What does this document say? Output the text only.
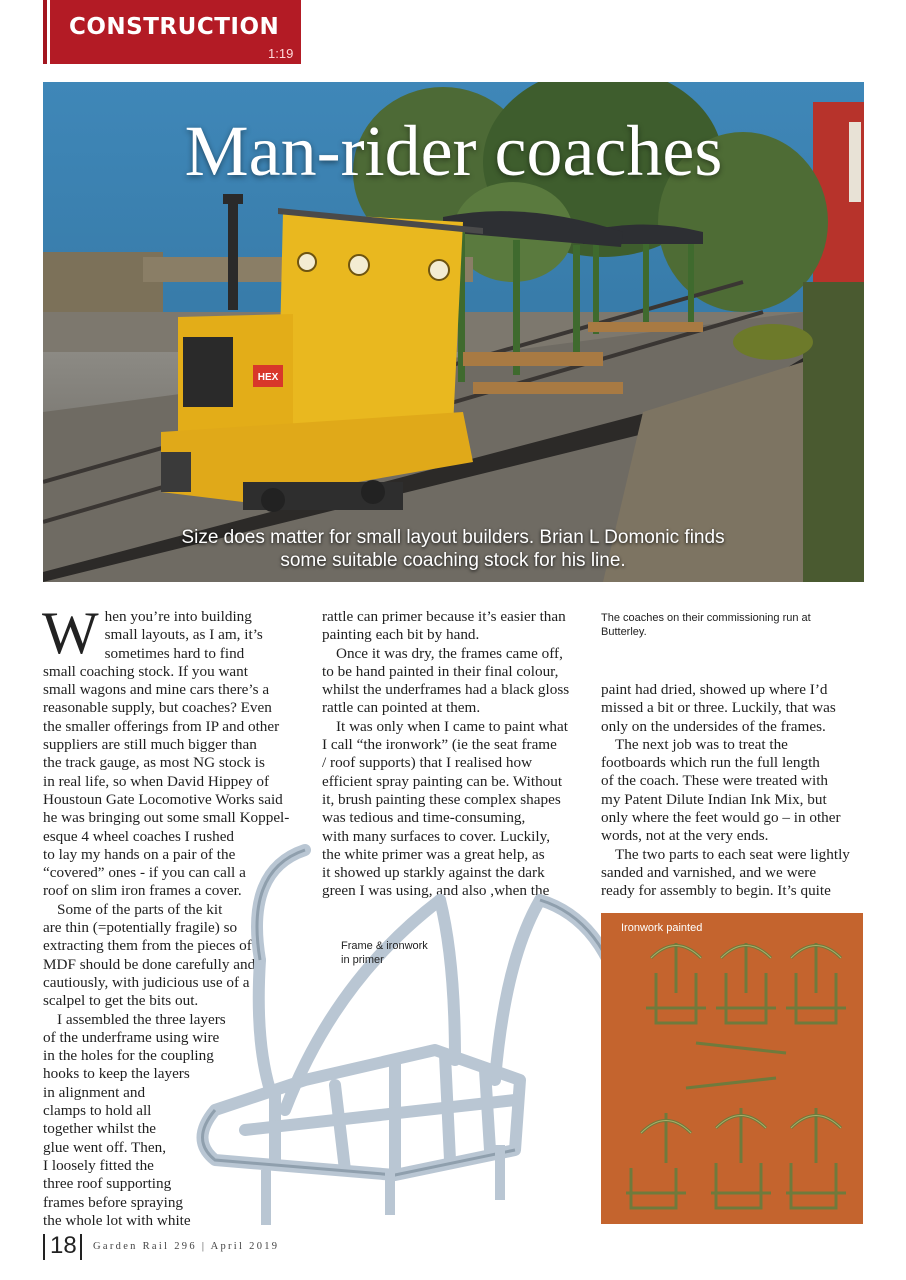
CONSTRUCTION
1:19
HEX
Man-rider coaches
Size does matter for small layout builders. Brian L Domonic finds
some suitable coaching stock for his line.
W hen you’re into building
small layouts, as I am, it’s
sometimes hard to find
small coaching stock. If you want
small wagons and mine cars there’s a
reasonable supply, but coaches? Even
the smaller offerings from IP and other
suppliers are still much bigger than
the track gauge, as most NG stock is
in real life, so when David Hippey of
Houstoun Gate Locomotive Works said
he was bringing out some small Koppel-
esque 4 wheel coaches I rushed
to lay my hands on a pair of the
“covered” ones - if you can call a
roof on slim iron frames a cover.
Some of the parts of the kit
are thin (=potentially fragile) so
extracting them from the pieces of
MDF should be done carefully and
cautiously, with judicious use of a
scalpel to get the bits out.
I assembled the three layers
of the underframe using wire
in the holes for the coupling
hooks to keep the layers
in alignment and
clamps to hold all
together whilst the
glue went off. Then,
I loosely fitted the
three roof supporting
frames before spraying
the whole lot with white
rattle can primer because it’s easier than
painting each bit by hand.
Once it was dry, the frames came off,
to be hand painted in their final colour,
whilst the underframes had a black gloss
rattle can pointed at them.
It was only when I came to paint what
I call “the ironwork” (ie the seat frame
/ roof supports) that I realised how
efficient spray painting can be. Without
it, brush painting these complex shapes
was tedious and time-consuming,
with many surfaces to cover. Luckily,
the white primer was a great help, as
it showed up starkly against the dark
green I was using, and also ,when the
The coaches on their commissioning run at
Butterley.
paint had dried, showed up where I’d
missed a bit or three. Luckily, that was
only on the undersides of the frames.
The next job was to treat the
footboards which run the full length
of the coach. These were treated with
my Patent Dilute Indian Ink Mix, but
only where the feet would go – in other
words, not at the very ends.
The two parts to each seat were lightly
sanded and varnished, and we were
ready for assembly to begin. It’s quite
Frame & ironwork
in primer
Ironwork painted
18 Garden Rail 296 | April 2019
